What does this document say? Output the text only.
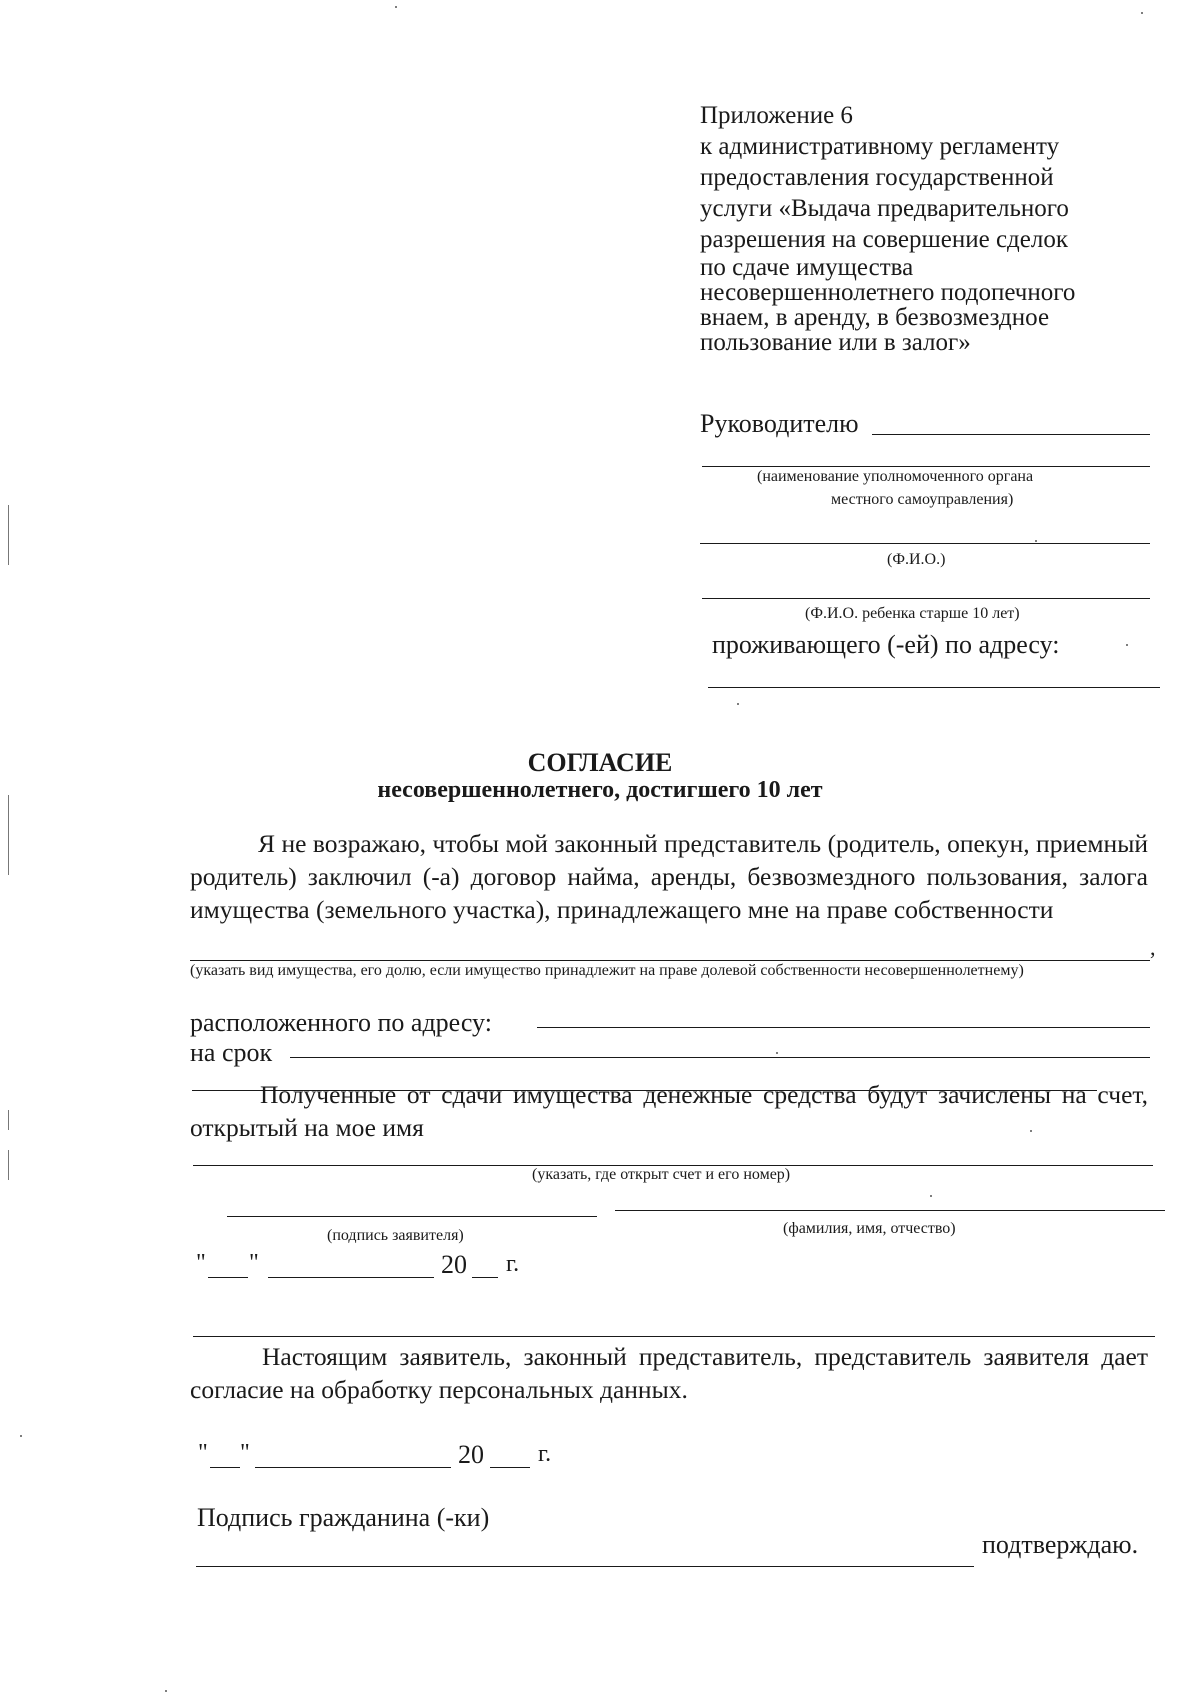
Приложение 6
к административному регламенту
предоставления государственной
услуги «Выдача предварительного
разрешения на совершение сделок
по сдаче имущества
несовершеннолетнего подопечного
внаем, в аренду, в безвозмездное
пользование или в залог»
Руководителю
(наименование уполномоченного органа
местного самоуправления)
(Ф.И.О.)
(Ф.И.О. ребенка старше 10 лет)
проживающего (-ей) по адресу:
СОГЛАСИЕ
несовершеннолетнего, достигшего 10 лет
Я не возражаю, чтобы мой законный представитель (родитель, опекун, приемный родитель) заключил (-а) договор найма, аренды, безвозмездного пользования, залога имущества (земельного участка), принадлежащего мне на праве собственности
,
(указать вид имущества, его долю, если имущество принадлежит на праве долевой собственности несовершеннолетнему)
расположенного по адресу:
на срок
Полученные от сдачи имущества денежные средства будут зачислены на счет, открытый на мое имя
(указать, где открыт счет и его номер)
(подпись заявителя)	(фамилия, имя, отчество)
" "	20 г.
Настоящим заявитель, законный представитель, представитель заявителя дает согласие на обработку персональных данных.
" "	20 г.
Подпись гражданина (-ки)
подтверждаю.
